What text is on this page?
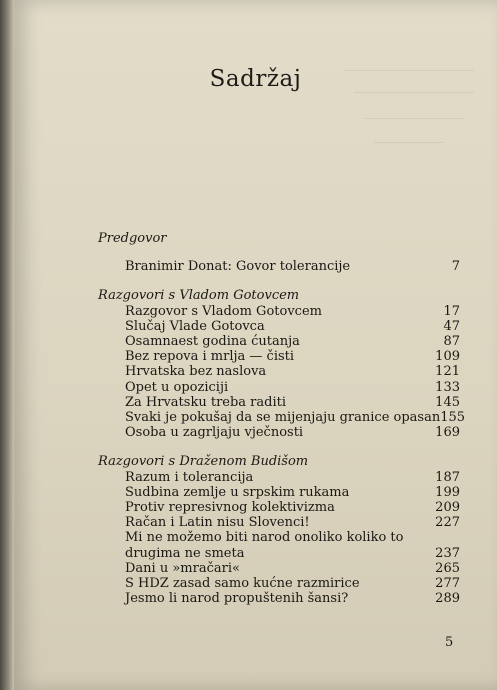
Sadržaj
Predgovor
Branimir Donat: Govor tolerancije	7
Razgovori s Vladom Gotovcem
Razgovor s Vladom Gotovcem	17
Slučaj Vlade Gotovca	47
Osamnaest godina ćutanja	87
Bez repova i mrlja — čisti	109
Hrvatska bez naslova	121
Opet u opoziciji	133
Za Hrvatsku treba raditi	145
Svaki je pokušaj da se mijenjaju granice opasan 155
Osoba u zagrljaju vječnosti	169
Razgovori s Draženom Budišom
Razum i tolerancija	187
Sudbina zemlje u srpskim rukama	199
Protiv represivnog kolektivizma	209
Račan i Latin nisu Slovenci!	227
Mi ne možemo biti narod onoliko koliko to
drugima ne smeta	237
Dani u »mračari«	265
S HDZ zasad samo kućne razmirice	277
Jesmo li narod propuštenih šansi?	289
5
